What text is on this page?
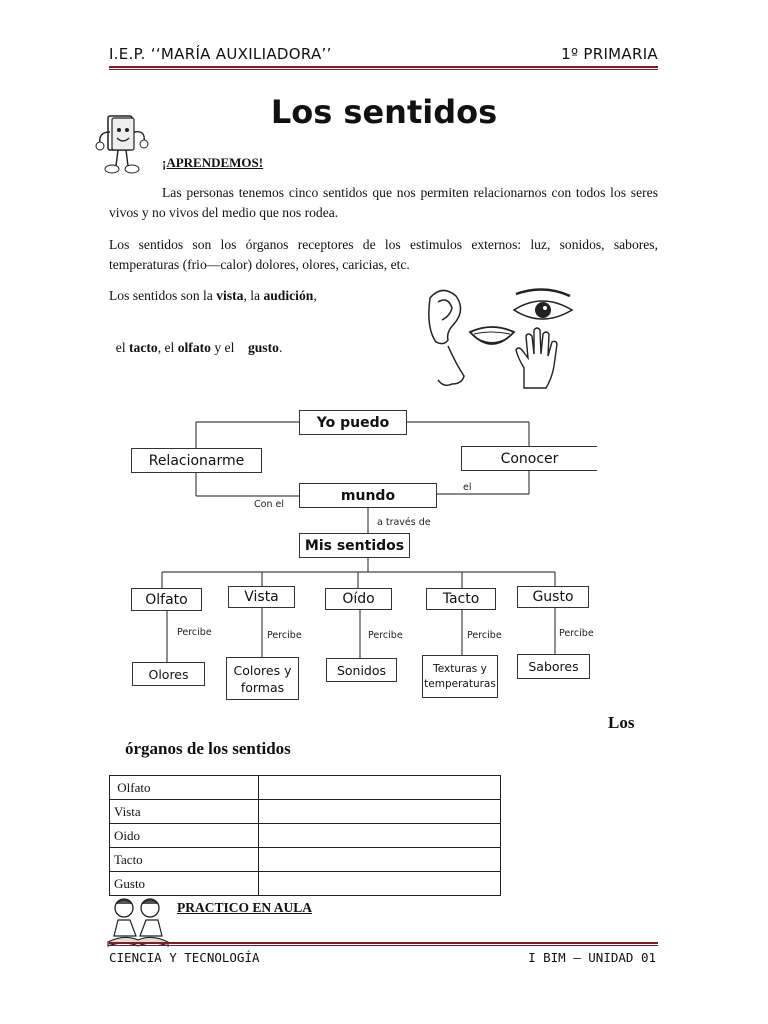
I.E.P. ‘‘MARÍA AUXILIADORA’’	1º PRIMARIA
Los sentidos
¡APRENDEMOS!
Las personas tenemos cinco sentidos que nos permiten relacionarnos con todos los seres vivos y no vivos del medio que nos rodea.
Los sentidos son los órganos receptores de los estimulos externos: luz, sonidos, sabores, temperaturas (frio—calor) dolores, olores, caricias, etc.
Los sentidos son la vista, la audición,

el tacto, el olfato y el    gusto.

Yo puedo
Relacionarme	Conocer
mundo
Con el
el
a través de
Mis sentidos
Olfato	Vista	Oído	Tacto	Gusto
Percibe	Percibe	Percibe	Percibe	Percibe
Olores	Colores y formas
Sonidos	Texturas y temperaturas
Sabores
Los
órganos de los sentidos
Olfato	
Vista	
Oido	
Tacto	
Gusto	
PRACTICO EN AULA
CIENCIA Y TECNOLOGÍA	I BIM – UNIDAD 01
